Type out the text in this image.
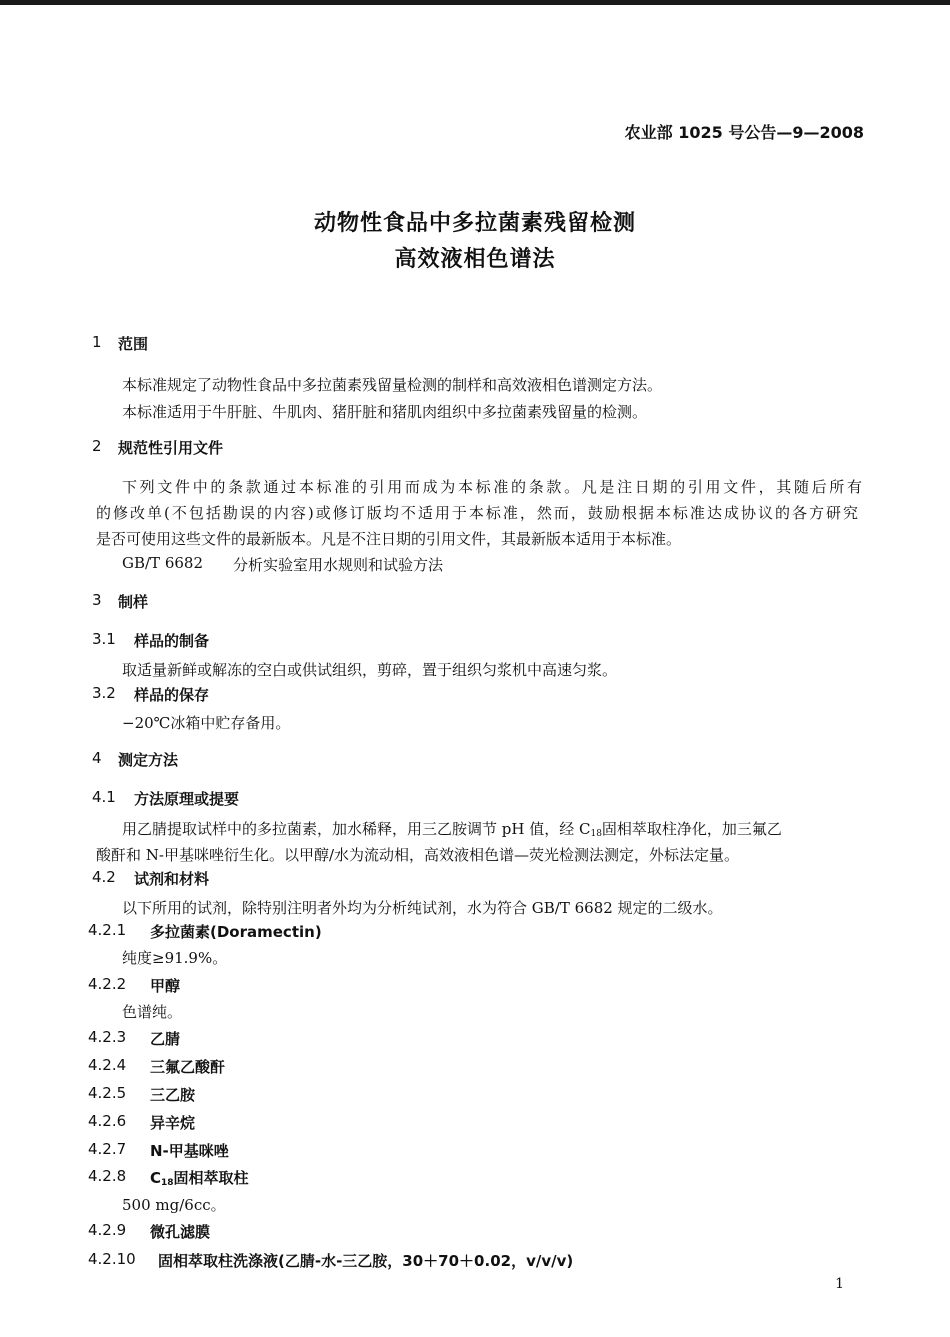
农业部 1025 号公告—9—2008
动物性食品中多拉菌素残留检测
高效液相色谱法
1 范围
本标准规定了动物性食品中多拉菌素残留量检测的制样和高效液相色谱测定方法。
本标准适用于牛肝脏、牛肌肉、猪肝脏和猪肌肉组织中多拉菌素残留量的检测。
2 规范性引用文件
下列文件中的条款通过本标准的引用而成为本标准的条款。凡是注日期的引用文件，其随后所有
的修改单(不包括勘误的内容)或修订版均不适用于本标准，然而，鼓励根据本标准达成协议的各方研究
是否可使用这些文件的最新版本。凡是不注日期的引用文件，其最新版本适用于本标准。
GB/T 6682 分析实验室用水规则和试验方法
3 制样
3.1 样品的制备
取适量新鲜或解冻的空白或供试组织，剪碎，置于组织匀浆机中高速匀浆。
3.2 样品的保存
−20℃冰箱中贮存备用。
4 测定方法
4.1 方法原理或提要
用乙腈提取试样中的多拉菌素，加水稀释，用三乙胺调节 pH 值，经 $C_{18}$固相萃取柱净化，加三氟乙
酸酐和 N-甲基咪唑衍生化。以甲醇/水为流动相，高效液相色谱—荧光检测法测定，外标法定量。
4.2 试剂和材料
以下所用的试剂，除特别注明者外均为分析纯试剂，水为符合 GB/T 6682 规定的二级水。
4.2.1 多拉菌素(Doramectin)
纯度≥91.9%。
4.2.2 甲醇
色谱纯。
4.2.3 乙腈
4.2.4 三氟乙酸酐
4.2.5 三乙胺
4.2.6 异辛烷
4.2.7 N-甲基咪唑
4.2.8 $C_{18}$固相萃取柱
500 mg/6cc。
4.2.9 微孔滤膜
4.2.10 固相萃取柱洗涤液(乙腈-水-三乙胺，30＋70＋0.02，v/v/v)
1
